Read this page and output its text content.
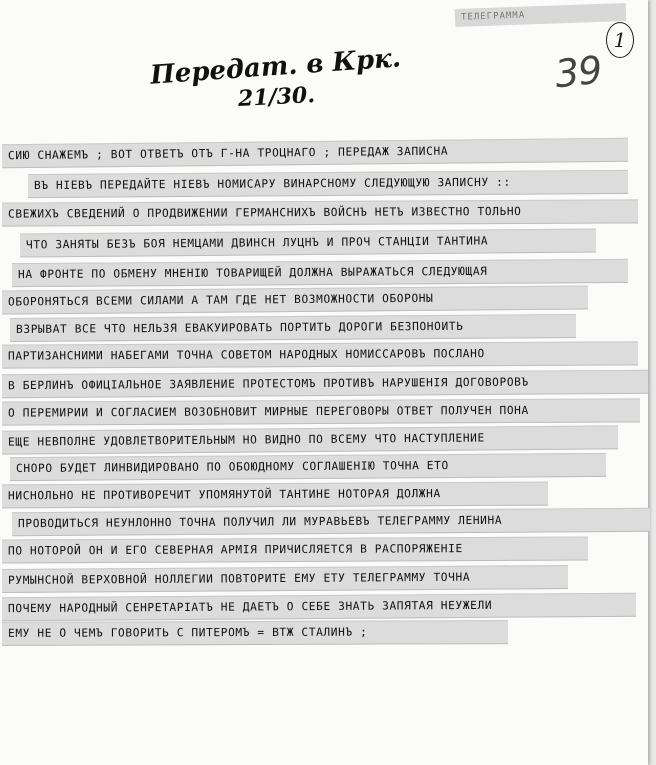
ТЕЛЕГРАММА
1
39
Передат. в Крк.
21/30.
СИЮ СНАЖЕМЪ ; ВОТ ОТВЕТЪ ОТЪ Г-НА ТРОЦНАГО ; ПЕРЕДАЖ ЗАПИСНА
ВЪ НІЕВЪ ПЕРЕДАЙТЕ НІЕВЪ НОМИСАРУ ВИНАРСНОМУ СЛЕДУЮЩУЮ ЗАПИСНУ ::
СВЕЖИХЪ СВЕДЕНИЙ О ПРОДВИЖЕНИИ ГЕРМАНСНИХЪ ВОЙСНЪ НЕТЪ ИЗВЕСТНО ТОЛЬНО
ЧТО ЗАНЯТЫ БЕЗЪ БОЯ НЕМЦАМИ ДВИНСН ЛУЦНЪ И ПРОЧ СТАНЦІИ ТАНТИНА
НА ФРОНТЕ ПО ОБМЕНУ МНЕНІЮ ТОВАРИЩЕЙ ДОЛЖНА ВЫРАЖАТЬСЯ СЛЕДУЮЩАЯ
ОБОРОНЯТЬСЯ ВСЕМИ СИЛАМИ А ТАМ ГДЕ НЕТ ВОЗМОЖНОСТИ ОБОРОНЫ
ВЗРЫВАТ ВСЕ ЧТО НЕЛЬЗЯ ЕВАКУИРОВАТЬ ПОРТИТЬ ДОРОГИ БЕЗПОНОИТЬ
ПАРТИЗАНСНИМИ НАБЕГАМИ ТОЧНА СОВЕТОМ НАРОДНЫХ НОМИССАРОВЪ ПОСЛАНО
В БЕРЛИНЪ ОФИЦІАЛЬНОЕ ЗАЯВЛЕНИЕ ПРОТЕСТОМЪ ПРОТИВЪ НАРУШЕНІЯ ДОГОВОРОВЪ
О ПЕРЕМИРИИ И СОГЛАСИЕМ ВОЗОБНОВИТ МИРНЫЕ ПЕРЕГОВОРЫ ОТВЕТ ПОЛУЧЕН ПОНА
ЕЩЕ НЕВПОЛНЕ УДОВЛЕТВОРИТЕЛЬНЫМ НО ВИДНО ПО ВСЕМУ ЧТО НАСТУПЛЕНИЕ
СНОРО БУДЕТ ЛИНВИДИРОВАНО ПО ОБОЮДНОМУ СОГЛАШЕНІЮ ТОЧНА ЕТО
НИСНОЛЬНО НЕ ПРОТИВОРЕЧИТ УПОМЯНУТОЙ ТАНТИНЕ НОТОРАЯ ДОЛЖНА
ПРОВОДИТЬСЯ НЕУНЛОННО ТОЧНА ПОЛУЧИЛ ЛИ МУРАВЬЕВЪ ТЕЛЕГРАММУ ЛЕНИНА
ПО НОТОРОЙ ОН И ЕГО СЕВЕРНАЯ АРМІЯ ПРИЧИСЛЯЕТСЯ В РАСПОРЯЖЕНІЕ
РУМЫНСНОЙ ВЕРХОВНОЙ НОЛЛЕГИИ ПОВТОРИТЕ ЕМУ ЕТУ ТЕЛЕГРАММУ ТОЧНА
ПОЧЕМУ НАРОДНЫЙ СЕНРЕТАРІАТЪ НЕ ДАЕТЪ О СЕБЕ ЗНАТЬ ЗАПЯТАЯ НЕУЖЕЛИ
ЕМУ НЕ О ЧЕМЪ ГОВОРИТЬ С ПИТЕРОМЪ = ВТЖ СТАЛИНЪ ;
